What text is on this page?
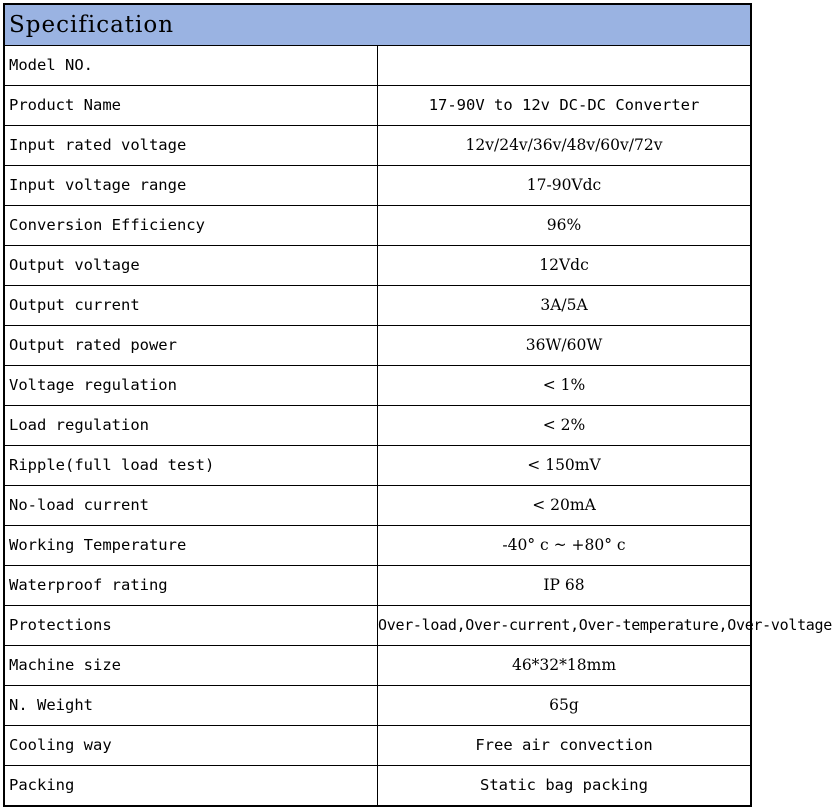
Specification	
Model NO.	
Product Name	17-90V to 12v DC-DC Converter
Input rated voltage	12v/24v/36v/48v/60v/72v
Input voltage range	17-90Vdc
Conversion Efficiency	96%
Output voltage	12Vdc
Output current	3A/5A
Output rated power	36W/60W
Voltage regulation	< 1%
Load regulation	< 2%
Ripple(full load test)	< 150mV
No-load current	< 20mA
Working Temperature	-40° c ~ +80° c
Waterproof rating	IP 68
Protections	Over-load,Over-current,Over-temperature,Over-voltage
Machine size	46*32*18mm
N. Weight	65g
Cooling way	Free air convection
Packing	Static bag packing
